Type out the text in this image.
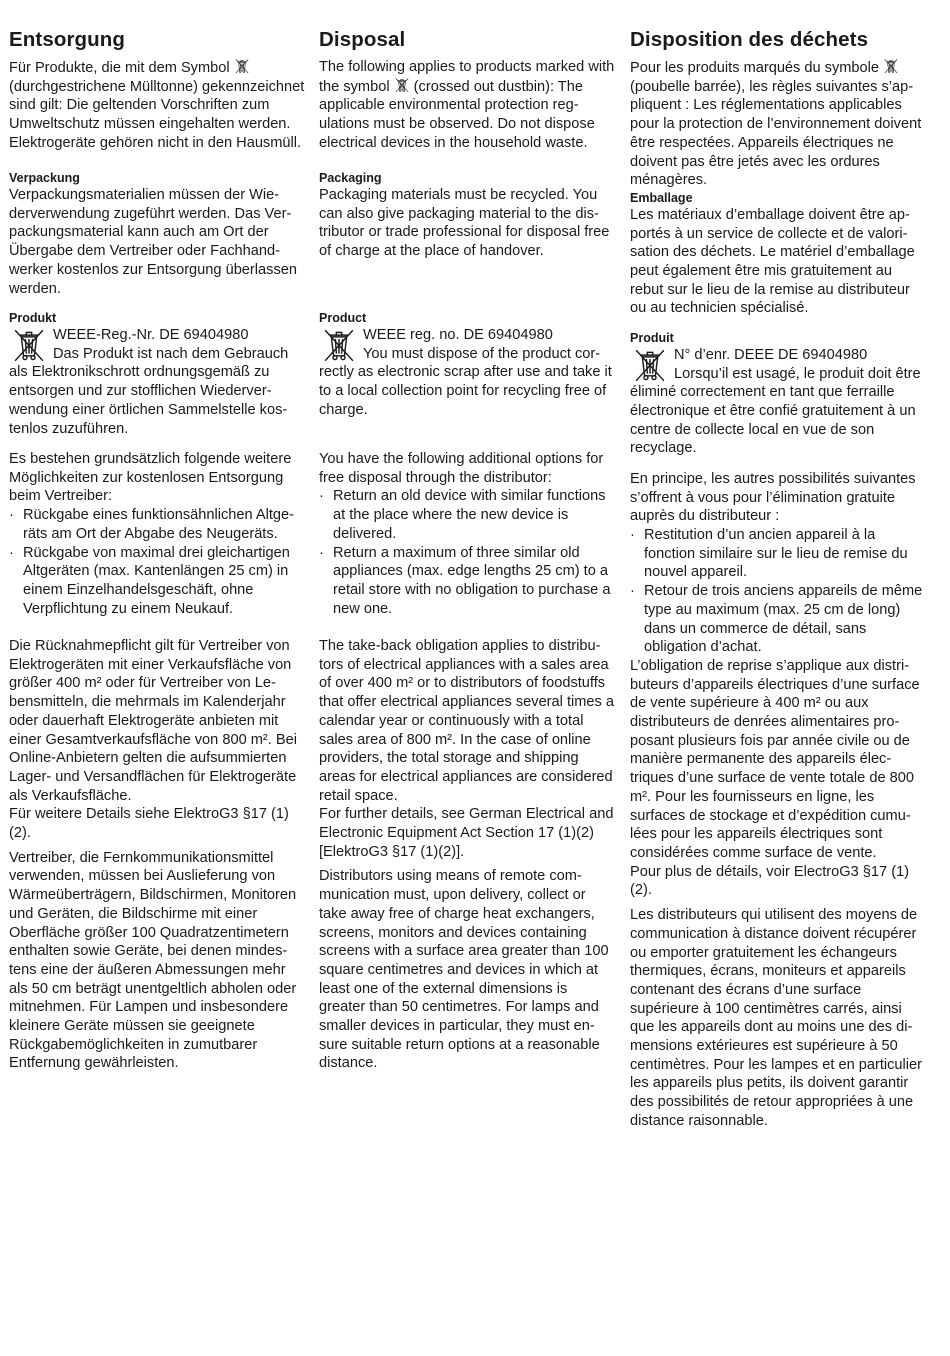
Entsorgung

Für Produkte, die mit dem Symbol
(durchgestrichene Mülltonne) gekennzeichnet sind gilt: Die geltenden Vorschriften zum Umweltschutz müssen eingehalten werden. Elektrogeräte gehören nicht in den Hausmüll.

Verpackung

Verpackungsmaterialien müssen der Wiederverwendung zugeführt werden. Das Verpackungsmaterial kann auch am Ort der Übergabe dem Vertreiber oder Fachhandwerker kostenlos zur Entsorgung überlassen werden.

Produkt

WEEE-Reg.-Nr. DE 69404980

Das Produkt ist nach dem Gebrauch als Elektronikschrott ordnungsgemäß zu entsorgen und zur stofflichen Wiederverwendung einer örtlichen Sammelstelle kostenlos zuzuführen.

Es bestehen grundsätzlich folgende weitere Möglichkeiten zur kostenlosen Entsorgung beim Vertreiber:

· Rückgabe eines funktionsähnlichen Altgeräts am Ort der Abgabe des Neugeräts.
· Rückgabe von maximal drei gleichartigen Altgeräten (max. Kantenlängen 25 cm) in einem Einzelhandelsgeschäft, ohne Verpflichtung zu einem Neukauf.

Die Rücknahmepflicht gilt für Vertreiber von Elektrogeräten mit einer Verkaufsfläche von größer 400 m² oder für Vertreiber von Lebensmitteln, die mehrmals im Kalenderjahr oder dauerhaft Elektrogeräte anbieten mit einer Gesamtverkaufsfläche von 800 m². Bei Online-Anbietern gelten die aufsummierten Lager- und Versandflächen für Elektrogeräte als Verkaufsfläche.

Für weitere Details siehe ElektroG3 §17 (1)(2).

Vertreiber, die Fernkommunikationsmittel verwenden, müssen bei Auslieferung von Wärmeüberträgern, Bildschirmen, Monitoren und Geräten, die Bildschirme mit einer Oberfläche größer 100 Quadratzentimetern enthalten sowie Geräte, bei denen mindestens eine der äußeren Abmessungen mehr als 50 cm beträgt unentgeltlich abholen oder mitnehmen. Für Lampen und insbesondere kleinere Geräte müssen sie geeignete Rückgabemöglichkeiten in zumutbarer Entfernung gewährleisten.

Disposal

The following applies to products marked with the symbol
(crossed out dustbin): The applicable environmental protection regulations must be observed. Do not dispose electrical devices in the household waste.

Packaging

Packaging materials must be recycled. You can also give packaging material to the distributor or trade professional for disposal free of charge at the place of handover.

Product

WEEE reg. no. DE 69404980

You must dispose of the product correctly as electronic scrap after use and take it to a local collection point for recycling free of charge.

You have the following additional options for free disposal through the distributor:

· Return an old device with similar functions at the place where the new device is delivered.
· Return a maximum of three similar old appliances (max. edge lengths 25 cm) to a retail store with no obligation to purchase a new one.

The take-back obligation applies to distributors of electrical appliances with a sales area of over 400 m² or to distributors of foodstuffs that offer electrical appliances several times a calendar year or continuously with a total sales area of 800 m². In the case of online providers, the total storage and shipping areas for electrical appliances are considered retail space.

For further details, see German Electrical and Electronic Equipment Act Section 17 (1)(2) [ElektroG3 §17 (1)(2)].

Distributors using means of remote communication must, upon delivery, collect or take away free of charge heat exchangers, screens, monitors and devices containing screens with a surface area greater than 100 square centimetres and devices in which at least one of the external dimensions is greater than 50 centimetres. For lamps and smaller devices in particular, they must ensure suitable return options at a reasonable distance.

Disposition des déchets

Pour les produits marqués du symbole
(poubelle barrée), les règles suivantes s’appliquent : Les réglementations applicables pour la protection de l’environnement doivent être respectées. Appareils électriques ne doivent pas être jetés avec les ordures ménagères.

Emballage

Les matériaux d’emballage doivent être apportés à un service de collecte et de valorisation des déchets. Le matériel d’emballage peut également être mis gratuitement au rebut sur le lieu de la remise au distributeur ou au technicien spécialisé.

Produit

N° d’enr. DEEE DE 69404980

Lorsqu’il est usagé, le produit doit être éliminé correctement en tant que ferraille électronique et être confié gratuitement à un centre de collecte local en vue de son recyclage.

En principe, les autres possibilités suivantes s’offrent à vous pour l’élimination gratuite auprès du distributeur :

· Restitution d’un ancien appareil à la fonction similaire sur le lieu de remise du nouvel appareil.
· Retour de trois anciens appareils de même type au maximum (max. 25 cm de long) dans un commerce de détail, sans obligation d’achat.

L’obligation de reprise s’applique aux distributeurs d’appareils électriques d’une surface de vente supérieure à 400 m² ou aux distributeurs de denrées alimentaires proposant plusieurs fois par année civile ou de manière permanente des appareils électriques d’une surface de vente totale de 800 m². Pour les fournisseurs en ligne, les surfaces de stockage et d’expédition cumulées pour les appareils électriques sont considérées comme surface de vente.

Pour plus de détails, voir ElectroG3 §17 (1)(2).

Les distributeurs qui utilisent des moyens de communication à distance doivent récupérer ou emporter gratuitement les échangeurs thermiques, écrans, moniteurs et appareils contenant des écrans d’une surface supérieure à 100 centimètres carrés, ainsi que les appareils dont au moins une des dimensions extérieures est supérieure à 50 centimètres. Pour les lampes et en particulier les appareils plus petits, ils doivent garantir des possibilités de retour appropriées à une distance raisonnable.
